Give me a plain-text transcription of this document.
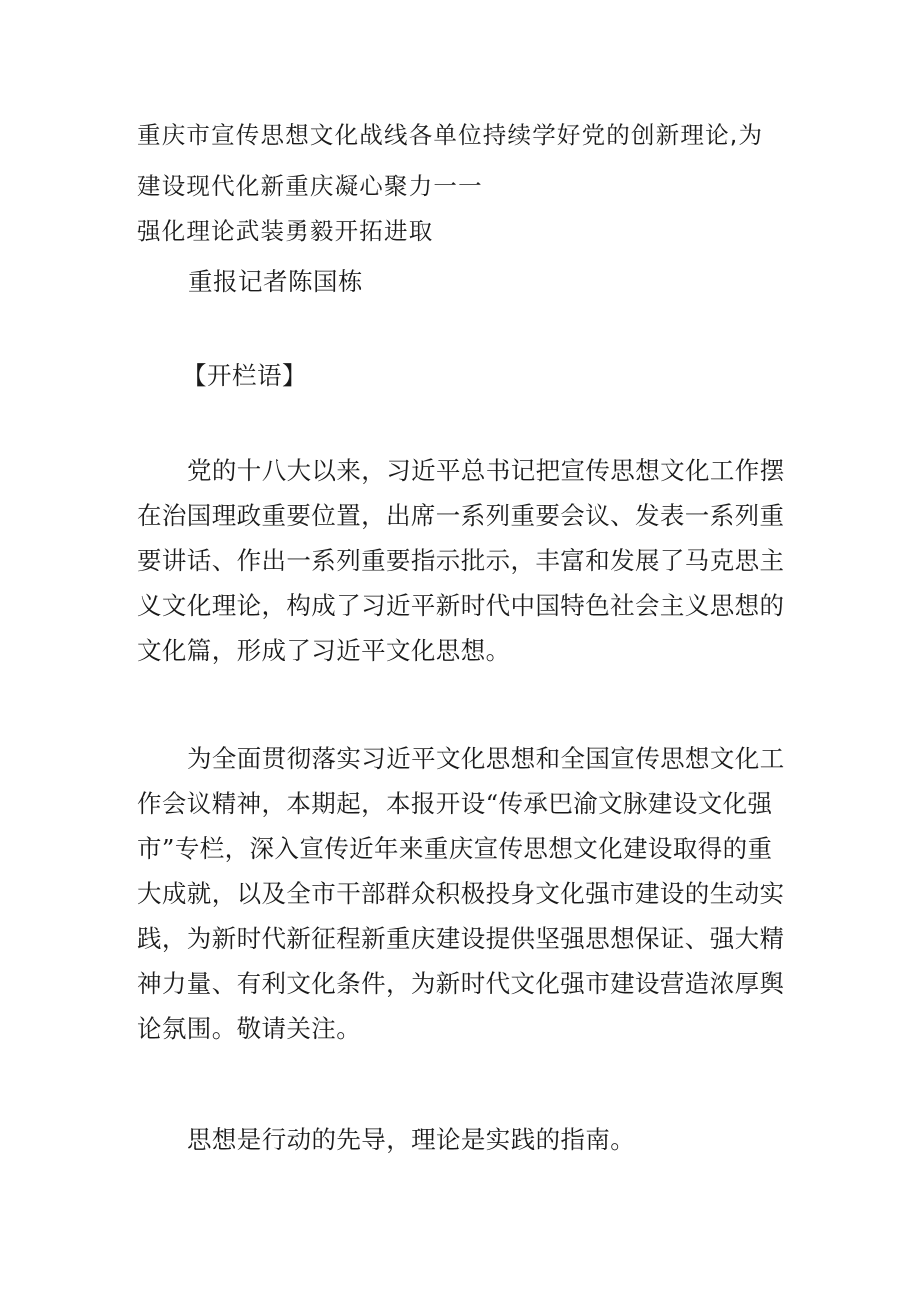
重庆市宣传思想文化战线各单位持续学好党的创新理论,为
建设现代化新重庆凝心聚力一一
强化理论武装勇毅开拓进取
重报记者陈国栋
【开栏语】
党的十八大以来，习近平总书记把宣传思想文化工作摆
在治国理政重要位置，出席一系列重要会议、发表一系列重
要讲话、作出一系列重要指示批示，丰富和发展了马克思主
义文化理论，构成了习近平新时代中国特色社会主义思想的
文化篇，形成了习近平文化思想。
为全面贯彻落实习近平文化思想和全国宣传思想文化工
作会议精神，本期起，本报开设“传承巴渝文脉建设文化强
市”专栏，深入宣传近年来重庆宣传思想文化建设取得的重
大成就，以及全市干部群众积极投身文化强市建设的生动实
践，为新时代新征程新重庆建设提供坚强思想保证、强大精
神力量、有利文化条件，为新时代文化强市建设营造浓厚舆
论氛围。敬请关注。
思想是行动的先导，理论是实践的指南。
